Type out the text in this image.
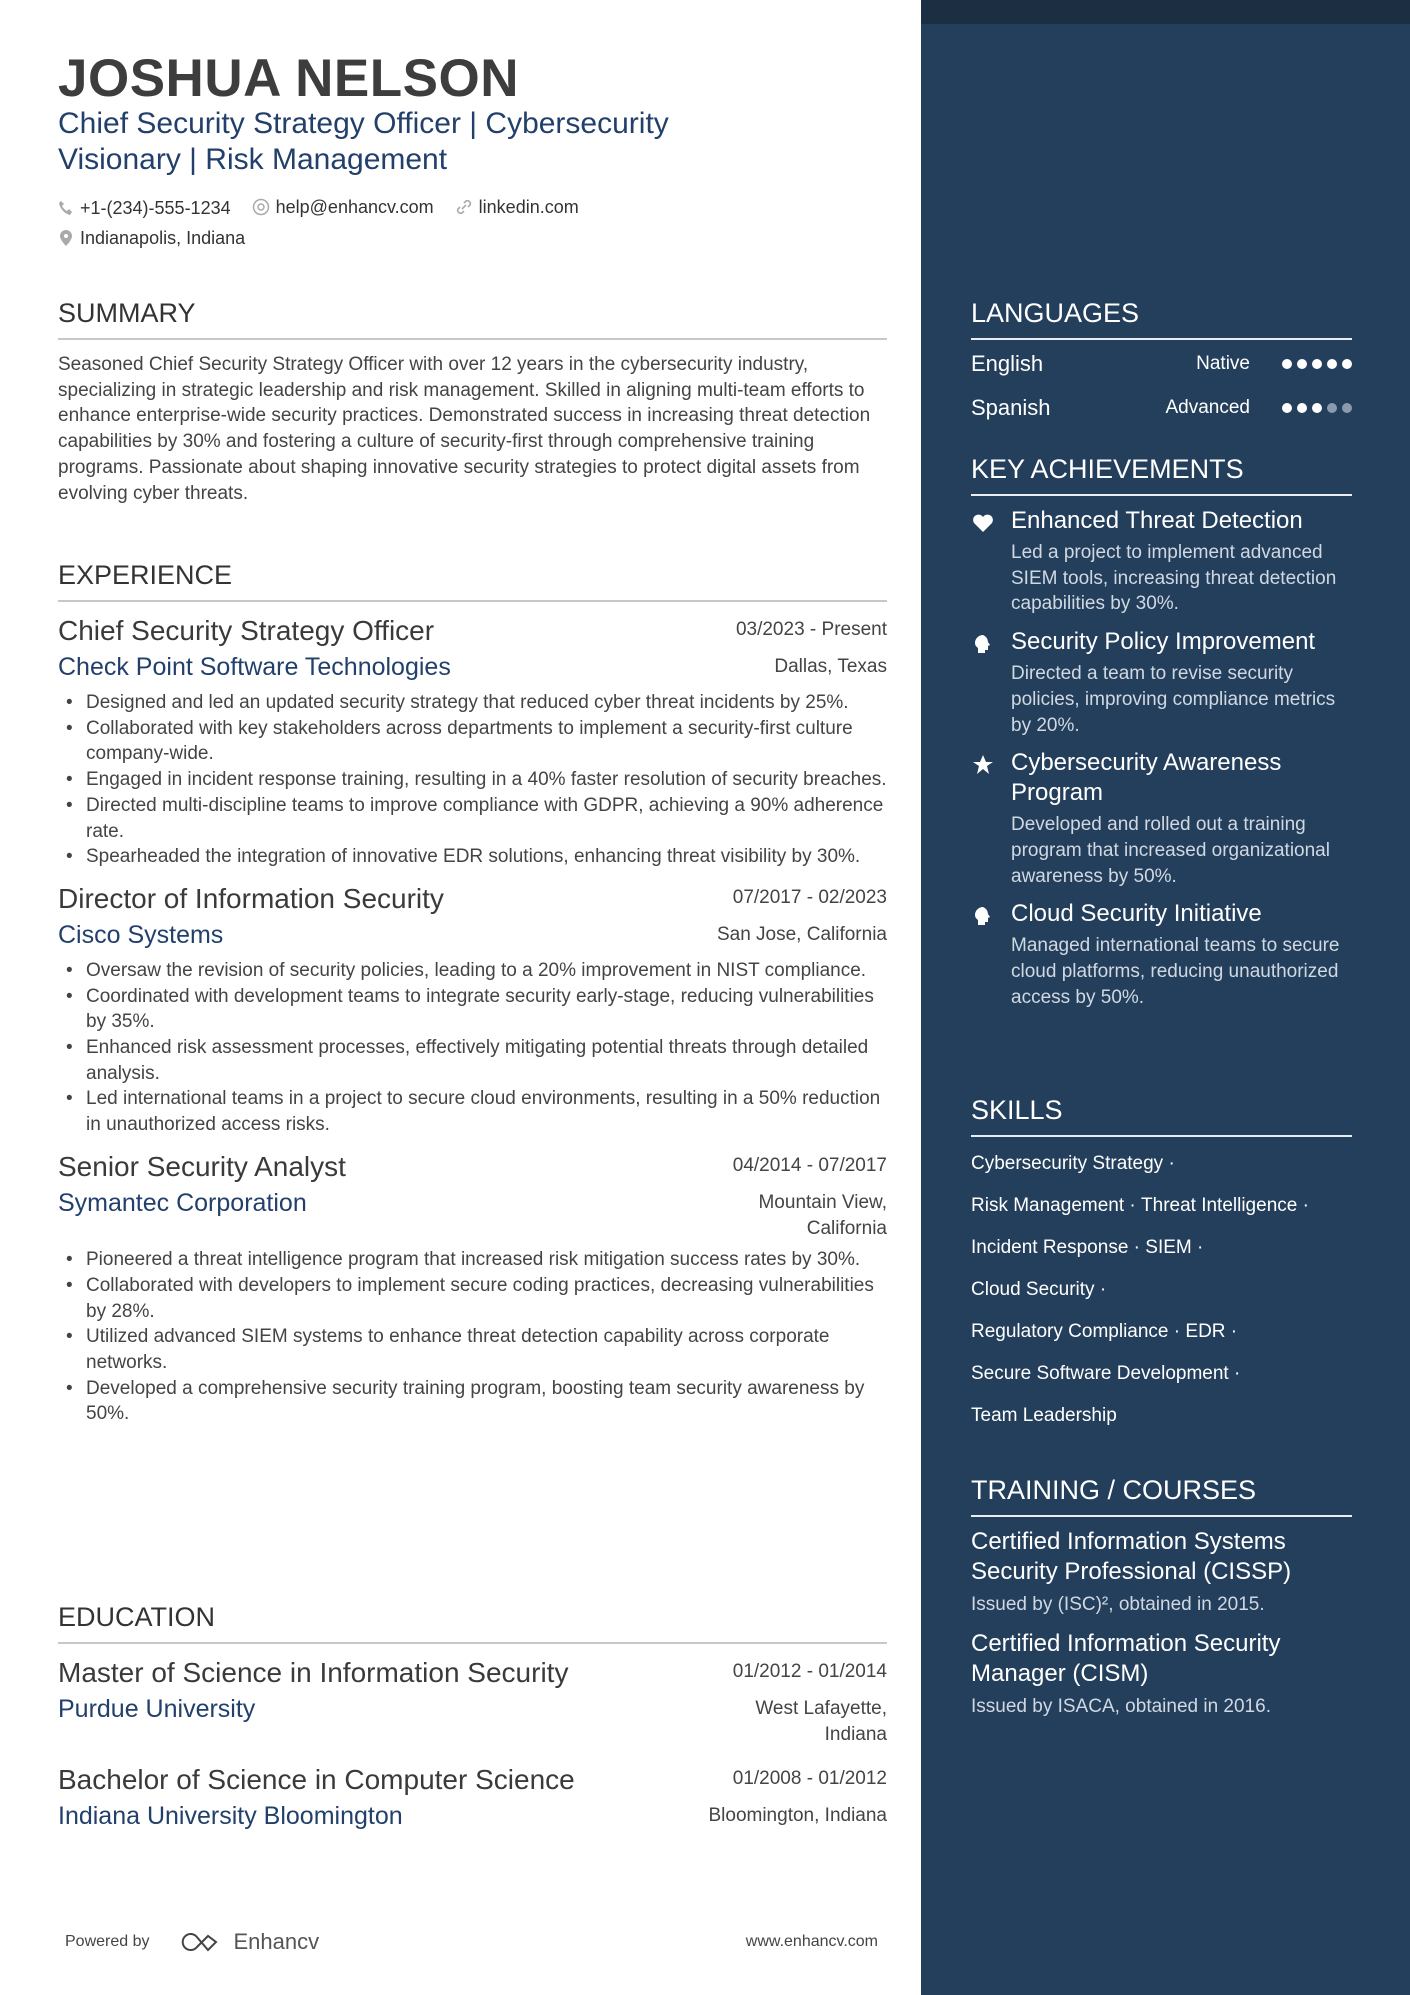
JOSHUA NELSON
Chief Security Strategy Officer | Cybersecurity Visionary | Risk Management
+1-(234)-555-1234
	help@enhancv.com
	linkedin.com

Indianapolis, Indiana
SUMMARY
Seasoned Chief Security Strategy Officer with over 12 years in the cybersecurity industry, specializing in strategic leadership and risk management. Skilled in aligning multi-team efforts to enhance enterprise-wide security practices. Demonstrated success in increasing threat detection capabilities by 30% and fostering a culture of security-first through comprehensive training programs. Passionate about shaping innovative security strategies to protect digital assets from evolving cyber threats.
EXPERIENCE
Chief Security Strategy Officer	03/2023 - Present
Check Point Software Technologies	Dallas, Texas
• Designed and led an updated security strategy that reduced cyber threat incidents by 25%.
• Collaborated with key stakeholders across departments to implement a security-first culture company-wide.
• Engaged in incident response training, resulting in a 40% faster resolution of security breaches.
• Directed multi-discipline teams to improve compliance with GDPR, achieving a 90% adherence rate.
• Spearheaded the integration of innovative EDR solutions, enhancing threat visibility by 30%.
Director of Information Security	07/2017 - 02/2023
Cisco Systems	San Jose, California
• Oversaw the revision of security policies, leading to a 20% improvement in NIST compliance.
• Coordinated with development teams to integrate security early-stage, reducing vulnerabilities by 35%.
• Enhanced risk assessment processes, effectively mitigating potential threats through detailed analysis.
• Led international teams in a project to secure cloud environments, resulting in a 50% reduction in unauthorized access risks.
Senior Security Analyst	04/2014 - 07/2017
Symantec Corporation	Mountain View, California
• Pioneered a threat intelligence program that increased risk mitigation success rates by 30%.
• Collaborated with developers to implement secure coding practices, decreasing vulnerabilities by 28%.
• Utilized advanced SIEM systems to enhance threat detection capability across corporate networks.
• Developed a comprehensive security training program, boosting team security awareness by 50%.
EDUCATION
Master of Science in Information Security	01/2012 - 01/2014
Purdue University	West Lafayette, Indiana
Bachelor of Science in Computer Science	01/2008 - 01/2012
Indiana University Bloomington	Bloomington, Indiana
Powered by	Enhancv	www.enhancv.com
LANGUAGES
English	Native
Spanish	Advanced
KEY ACHIEVEMENTS
Enhanced Threat Detection
Led a project to implement advanced SIEM tools, increasing threat detection capabilities by 30%.
Security Policy Improvement
Directed a team to revise security policies, improving compliance metrics by 20%.
Cybersecurity Awareness Program
Developed and rolled out a training program that increased organizational awareness by 50%.
Cloud Security Initiative
Managed international teams to secure cloud platforms, reducing unauthorized access by 50%.
SKILLS
Cybersecurity Strategy ·
Risk Management · Threat Intelligence ·
Incident Response · SIEM ·
Cloud Security ·
Regulatory Compliance · EDR ·
Secure Software Development ·
Team Leadership
TRAINING / COURSES
Certified Information Systems Security Professional (CISSP)
Issued by (ISC)², obtained in 2015.
Certified Information Security Manager (CISM)
Issued by ISACA, obtained in 2016.
